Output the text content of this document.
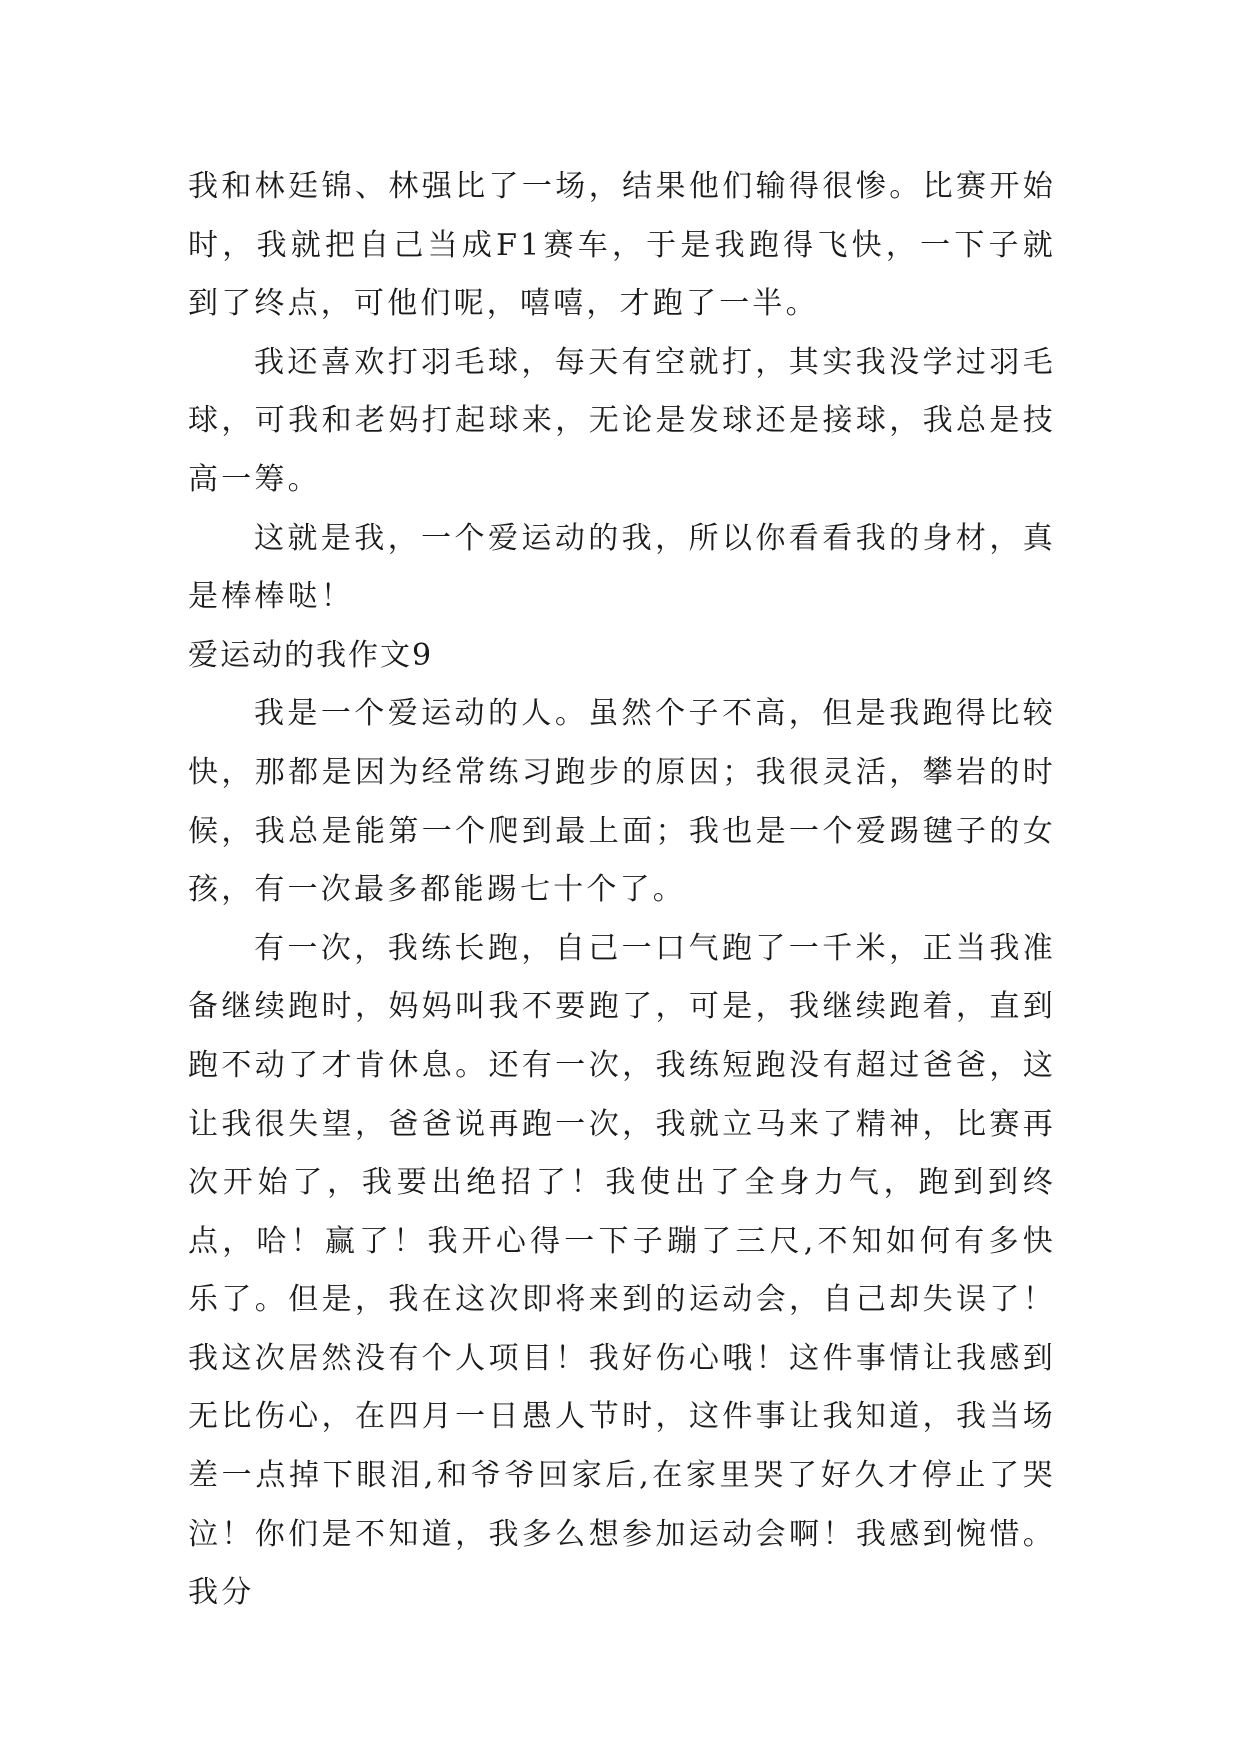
我和林廷锦、林强比了一场，结果他们输得很惨。比赛开始时，我就把自己当成F1赛车，于是我跑得飞快，一下子就到了终点，可他们呢，嘻嘻，才跑了一半。

我还喜欢打羽毛球，每天有空就打，其实我没学过羽毛球，可我和老妈打起球来，无论是发球还是接球，我总是技高一筹。

这就是我，一个爱运动的我，所以你看看我的身材，真是棒棒哒！

爱运动的我作文9

我是一个爱运动的人。虽然个子不高，但是我跑得比较快，那都是因为经常练习跑步的原因；我很灵活，攀岩的时候，我总是能第一个爬到最上面；我也是一个爱踢毽子的女孩，有一次最多都能踢七十个了。

有一次，我练长跑，自己一口气跑了一千米，正当我准备继续跑时，妈妈叫我不要跑了，可是，我继续跑着，直到跑不动了才肯休息。还有一次，我练短跑没有超过爸爸，这让我很失望，爸爸说再跑一次，我就立马来了精神，比赛再次开始了，我要出绝招了！我使出了全身力气，跑到到终点，哈！赢了！我开心得一下子蹦了三尺,不知如何有多快乐了。但是，我在这次即将来到的运动会，自己却失误了！我这次居然没有个人项目！我好伤心哦！这件事情让我感到无比伤心，在四月一日愚人节时，这件事让我知道，我当场差一点掉下眼泪,和爷爷回家后,在家里哭了好久才停止了哭泣！你们是不知道，我多么想参加运动会啊！我感到惋惜。我分
